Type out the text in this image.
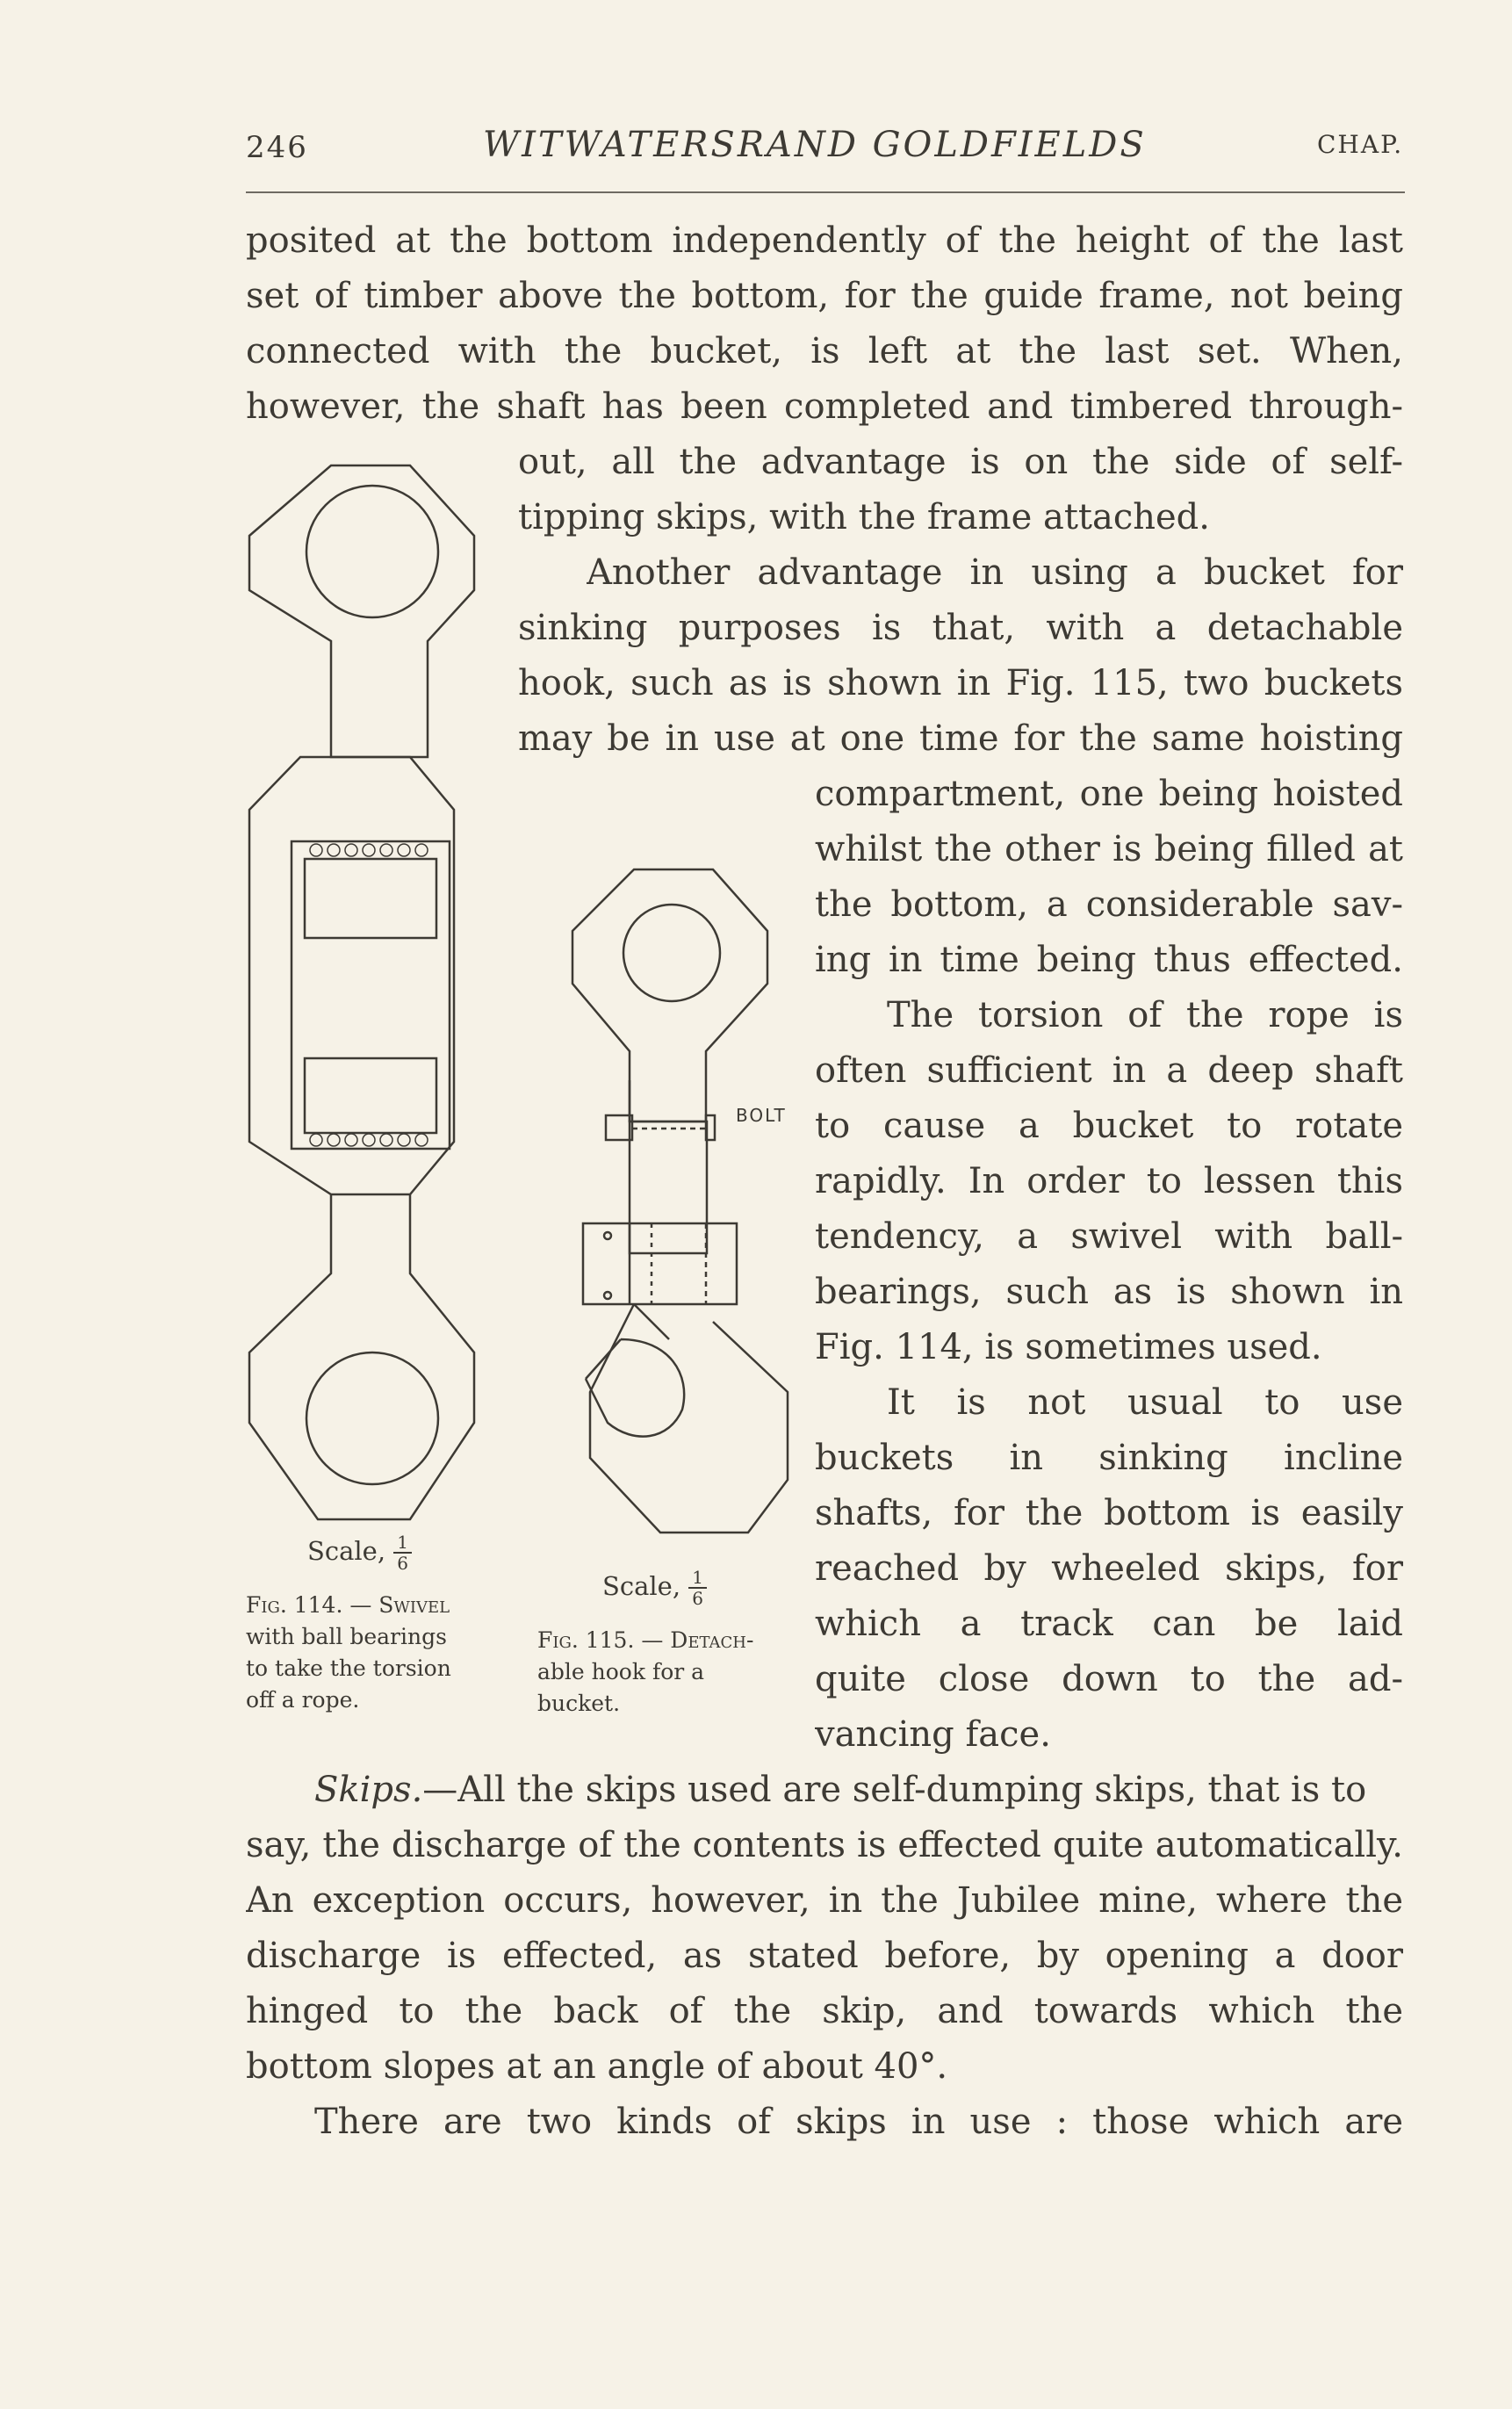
246	WITWATERSRAND GOLDFIELDS	CHAP.
posited at the bottom independently of the height of the last
set of timber above the bottom, for the guide frame, not being
connected with the bucket, is left at the last set. When,
however, the shaft has been completed and timbered through-
out, all the advantage is on the side of self-
tipping skips, with the frame attached.
Another advantage in using a bucket for
sinking purposes is that, with a detachable
hook, such as is shown in Fig. 115, two buckets
may be in use at one time for the same hoisting
compartment, one being hoisted
whilst the other is being filled at
the bottom, a considerable sav-
ing in time being thus effected.
The torsion of the rope is
often sufficient in a deep shaft
to cause a bucket to rotate
rapidly. In order to lessen this
tendency, a swivel with ball-
bearings, such as is shown in
Fig. 114, is sometimes used.
It is not usual to use
buckets in sinking incline
shafts, for the bottom is easily
reached by wheeled skips, for
which a track can be laid
quite close down to the ad-
vancing face.
Skips.—All the skips used are self-dumping skips, that is to
say, the discharge of the contents is effected quite automatically.
An exception occurs, however, in the Jubilee mine, where the
discharge is effected, as stated before, by opening a door
hinged to the back of the skip, and towards which the
bottom slopes at an angle of about 40°.
There are two kinds of skips in use : those which are
Scale, $\frac{1}{6}$
Fig. 114. — Swivel
with ball bearings
to take the torsion
off a rope.
BOLT
Scale, $\frac{1}{6}$
Fig. 115. — Detach-
able hook for a
bucket.
